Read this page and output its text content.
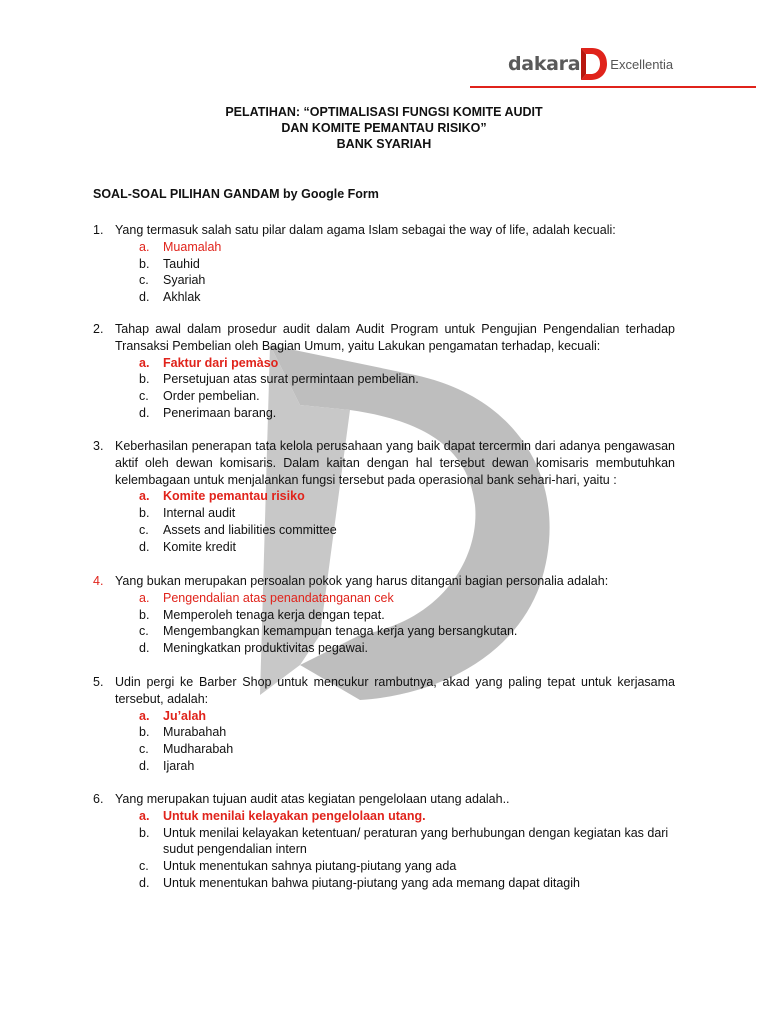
dakara Excellentia
PELATIHAN: “OPTIMALISASI FUNGSI KOMITE AUDIT
DAN KOMITE PEMANTAU RISIKO”
BANK SYARIAH
SOAL-SOAL PILIHAN GANDAM by Google Form
1. Yang termasuk salah satu pilar dalam agama Islam sebagai the way of life, adalah kecuali:
a. Muamalah
b. Tauhid
c. Syariah
d. Akhlak
2. Tahap awal dalam prosedur audit dalam Audit Program untuk Pengujian Pengendalian terhadap Transaksi Pembelian oleh Bagian Umum, yaitu Lakukan pengamatan terhadap, kecuali:
a. Faktur dari pemàso
b. Persetujuan atas surat permintaan pembelian.
c. Order pembelian.
d. Penerimaan barang.
3. Keberhasilan penerapan tata kelola perusahaan yang baik dapat tercermin dari adanya pengawasan aktif oleh dewan komisaris. Dalam kaitan dengan hal tersebut dewan komisaris membutuhkan kelembagaan untuk menjalankan fungsi tersebut pada operasional bank sehari-hari, yaitu :
a. Komite pemantau risiko
b. Internal audit
c. Assets and liabilities committee
d. Komite kredit
4. Yang bukan merupakan persoalan pokok yang harus ditangani bagian personalia adalah:
a. Pengendalian atas penandatanganan cek
b. Memperoleh tenaga kerja dengan tepat.
c. Mengembangkan kemampuan tenaga kerja yang bersangkutan.
d. Meningkatkan produktivitas pegawai.
5. Udin pergi ke Barber Shop untuk mencukur rambutnya, akad yang paling tepat untuk kerjasama tersebut, adalah:
a. Ju’alah
b. Murabahah
c. Mudharabah
d. Ijarah
6. Yang merupakan tujuan audit atas kegiatan pengelolaan utang adalah..
a. Untuk menilai kelayakan pengelolaan utang.
b. Untuk menilai kelayakan ketentuan/ peraturan yang berhubungan dengan kegiatan kas dari
sudut pengendalian intern
c. Untuk menentukan sahnya piutang-piutang yang ada
d. Untuk menentukan bahwa piutang-piutang yang ada memang dapat ditagih
